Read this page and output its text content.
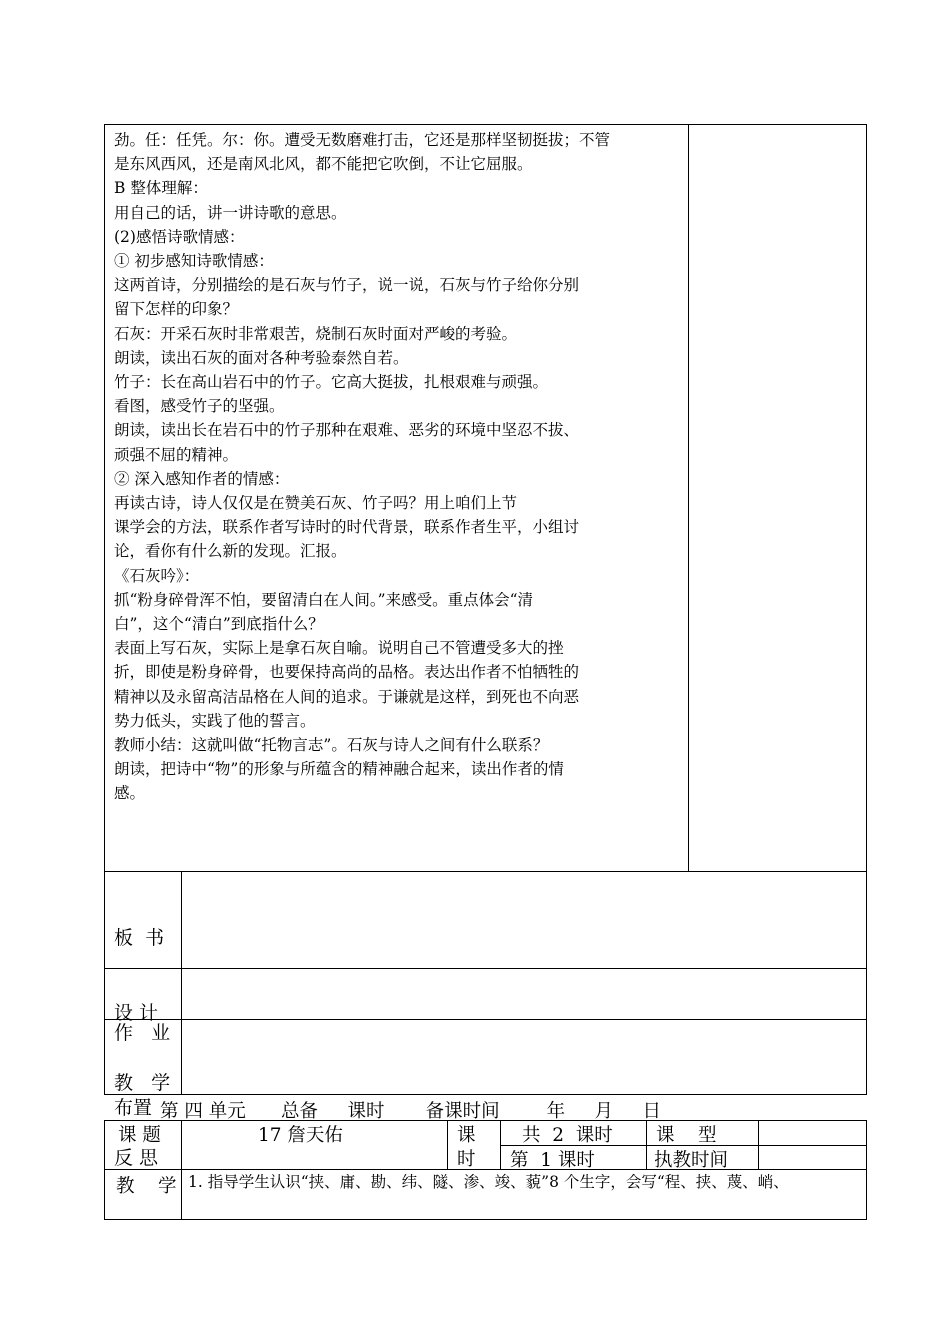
劲。任：任凭。尔：你。遭受无数磨难打击，它还是那样坚韧挺拔；不管
是东风西风，还是南风北风，都不能把它吹倒，不让它屈服。
B 整体理解：
用自己的话，讲一讲诗歌的意思。
(2)感悟诗歌情感：
① 初步感知诗歌情感：
这两首诗，分别描绘的是石灰与竹子，说一说，石灰与竹子给你分别
留下怎样的印象？
石灰：开采石灰时非常艰苦，烧制石灰时面对严峻的考验。
朗读，读出石灰的面对各种考验泰然自若。
竹子：长在高山岩石中的竹子。它高大挺拔，扎根艰难与顽强。
看图，感受竹子的坚强。
朗读，读出长在岩石中的竹子那种在艰难、恶劣的环境中坚忍不拔、
顽强不屈的精神。
② 深入感知作者的情感：
再读古诗，诗人仅仅是在赞美石灰、竹子吗？用上咱们上节
课学会的方法，联系作者写诗时的时代背景，联系作者生平，小组讨
论，看你有什么新的发现。汇报。
《石灰吟》：
抓“粉身碎骨浑不怕，要留清白在人间。”来感受。重点体会“清
白”，这个“清白”到底指什么？
表面上写石灰，实际上是拿石灰自喻。说明自己不管遭受多大的挫
折，即使是粉身碎骨，也要保持高尚的品格。表达出作者不怕牺牲的
精神以及永留高洁品格在人间的追求。于谦就是这样，到死也不向恶
势力低头，实践了他的誓言。
教师小结：这就叫做“托物言志”。石灰与诗人之间有什么联系？
朗读，把诗中“物”的形象与所蕴含的精神融合起来，读出作者的情
感。

板  书

设 计

作   业

布置

教   学

反 思

第 四 单元      总备     课时       备课时间        年     月     日
课 题	17 詹天佑	课
时
共  2  课时
第  1 课时
课    型
执教时间
教    学 1. 指导学生认识“挟、庸、勘、纬、隧、渗、竣、藐”8 个生字，会写“程、挟、蔑、峭、
